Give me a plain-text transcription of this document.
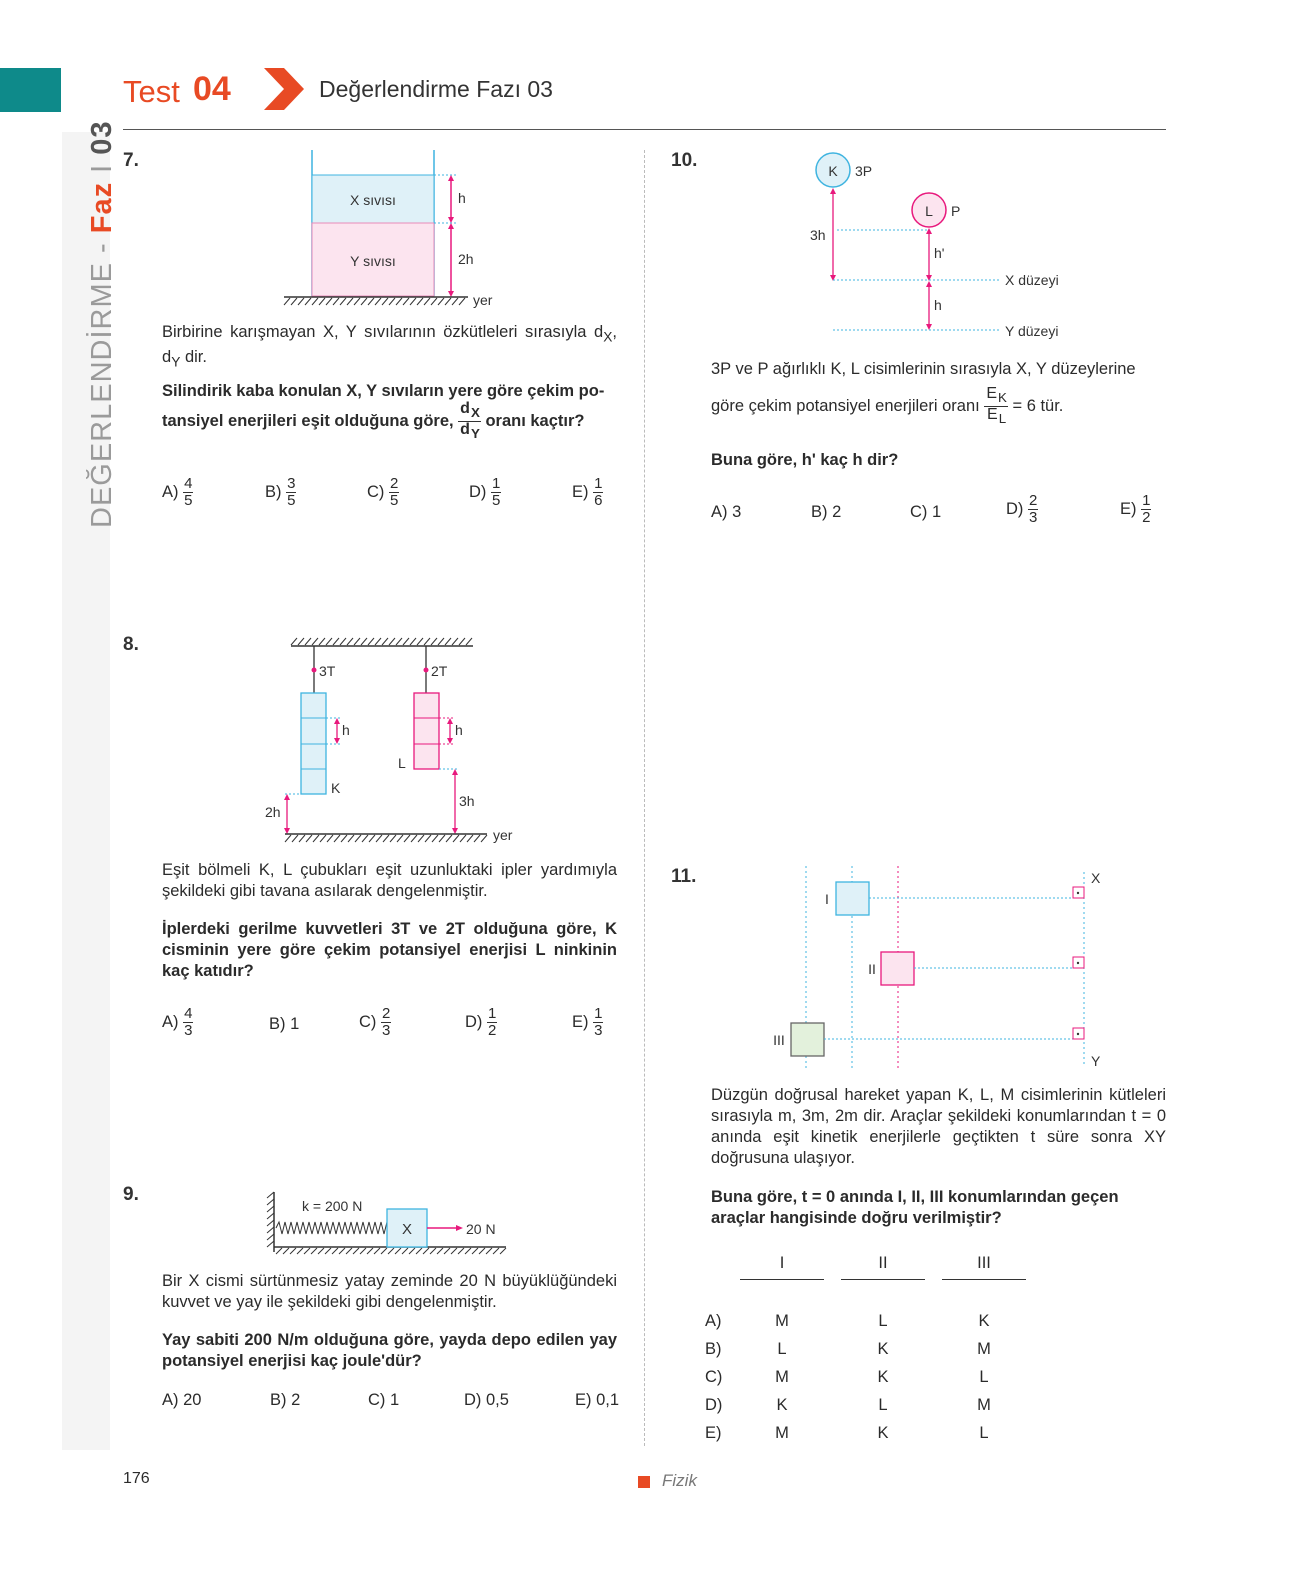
DEĞERLENDİRME - Faz I 03
Test 04	Değerlendirme Fazı 03
7.
X sıvısı
Y sıvısı
h
2h
yer
Birbirine karışmayan X, Y sıvılarının özkütleleri sırasıyla $d_X$, $d_Y$ dir.
Silindirik kaba konulan X, Y sıvıların yere göre çekim po-
tansiyel enerjileri eşit olduğuna göre, $\frac{d_X}{d_Y}$ oranı kaçtır?
$A) \frac{4}{5}$	$B) \frac{3}{5}$	$C) \frac{2}{5}$	$D) \frac{1}{5}$	$E) \frac{1}{6}$
8.
3T
h
K
2h
2T
h
L
3h
yer
Eşit bölmeli K, L çubukları eşit uzunluktaki ipler yardımıyla şekildeki gibi tavana asılarak dengelenmiştir.
İplerdeki gerilme kuvvetleri 3T ve 2T olduğuna göre, K cisminin yere göre çekim potansiyel enerjisi L ninkinin kaç katıdır?
$A) \frac{4}{3}$	B) 1	$C) \frac{2}{3}$	$D) \frac{1}{2}$	$E) \frac{1}{3}$
9.
k = 200 N
X	20 N
Bir X cismi sürtünmesiz yatay zeminde 20 N büyüklüğündeki kuvvet ve yay ile şekildeki gibi dengelenmiştir.
Yay sabiti 200 N/m olduğuna göre, yayda depo edilen yay potansiyel enerjisi kaç joule'dür?
A) 20	B) 2	C) 1	D) 0,5	E) 0,1
10.	K 3P
L P
3h
h'
X düzeyi
h
Y düzeyi
3P ve P ağırlıklı K, L cisimlerinin sırasıyla X, Y düzeylerine
göre çekim potansiyel enerjileri oranı $\frac{E_K}{E_L} = 6$ tür.
Buna göre, h' kaç h dir?
A) 3	B) 2	C) 1	$D) \frac{2}{3}$	$E) \frac{1}{2}$
11.
I
II
III
X
Y
Düzgün doğrusal hareket yapan K, L, M cisimlerinin kütleleri sırasıyla m, 3m, 2m dir. Araçlar şekildeki konumlarından t = 0 anında eşit kinetik enerjilerle geçtikten t süre sonra XY doğrusuna ulaşıyor.
Buna göre, t = 0 anında I, II, III konumlarından geçen araçlar hangisinde doğru verilmiştir?
	I		II		III

A)	M		L		K
B)	L		K		M
C)	M		K		L
D)	K		L		M
E)	M		K		L
176	Fizik
